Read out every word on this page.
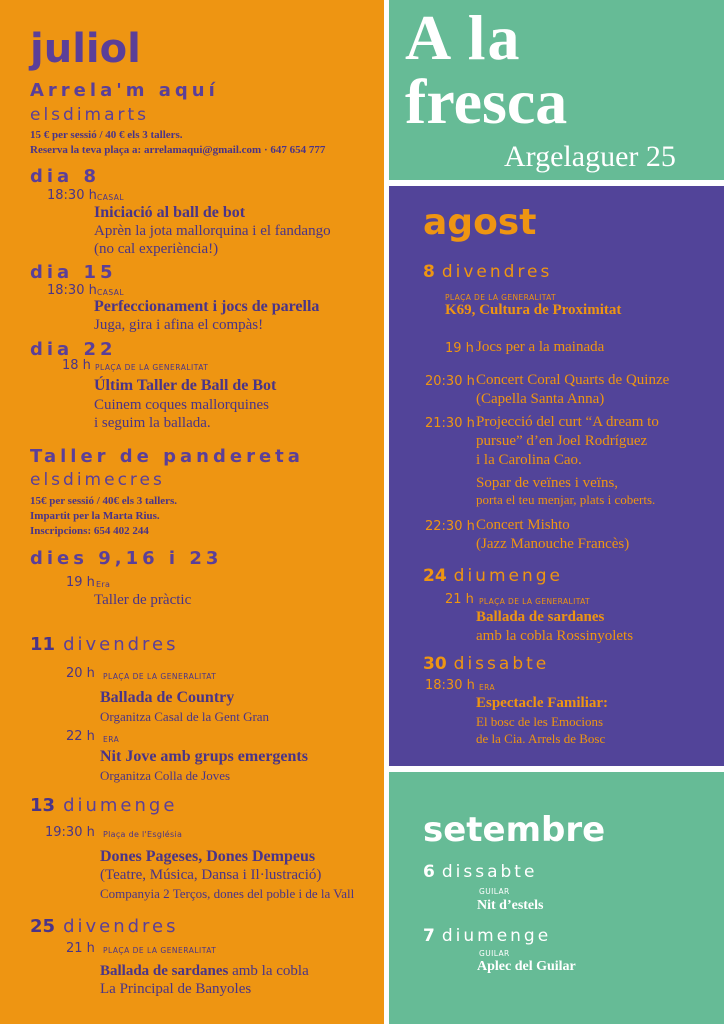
juliol
Arrela'm aquí
elsdimarts
15 € per sessió / 40 € els 3 tallers.
Reserva la teva plaça a: arrelamaqui@gmail.com · 647 654 777
dia 8
18:30 h CASAL
Iniciació al ball de bot
Aprèn la jota mallorquina i el fandango
(no cal experiència!)
dia 15
18:30 h CASAL
Perfeccionament i jocs de parella
Juga, gira i afina el compàs!
dia 22
18 h PLAÇA DE LA GENERALITAT
Últim Taller de Ball de Bot
Cuinem coques mallorquines
i seguim la ballada.
Taller de pandereta
elsdimecres
15€ per sessió / 40€ els 3 tallers.
Impartit per la Marta Rius.
Inscripcions: 654 402 244
dies 9,16 i 23
19 h Era
Taller de pràctic
11 divendres
20 h PLAÇA DE LA GENERALITAT
Ballada de Country
Organitza Casal de la Gent Gran
22 h ERA
Nit Jove amb grups emergents
Organitza Colla de Joves
13 diumenge
19:30 h Plaça de l'Església
Dones Pageses, Dones Dempeus
(Teatre, Música, Dansa i Il·lustració)
Companyia 2 Terços, dones del poble i de la Vall
25 divendres
21 h PLAÇA DE LA GENERALITAT
Ballada de sardanes amb la cobla
La Principal de Banyoles
A la
fresca
Argelaguer 25
agost
8 divendres
PLAÇA DE LA GENERALITAT
K69, Cultura de Proximitat
19 h Jocs per a la mainada
20:30 h Concert Coral Quarts de Quinze
(Capella Santa Anna)
21:30 h Projecció del curt “A dream to
pursue” d’en Joel Rodríguez
i la Carolina Cao.
Sopar de veïnes i veïns,
porta el teu menjar, plats i coberts.
22:30 h Concert Mishto
(Jazz Manouche Francès)
24 diumenge
21 h PLAÇA DE LA GENERALITAT
Ballada de sardanes
amb la cobla Rossinyolets
30 dissabte
18:30 h ERA
Espectacle Familiar:
El bosc de les Emocions
de la Cia. Arrels de Bosc
setembre
6 dissabte
GUILAR
Nit d’estels
7 diumenge
GUILAR
Aplec del Guilar
